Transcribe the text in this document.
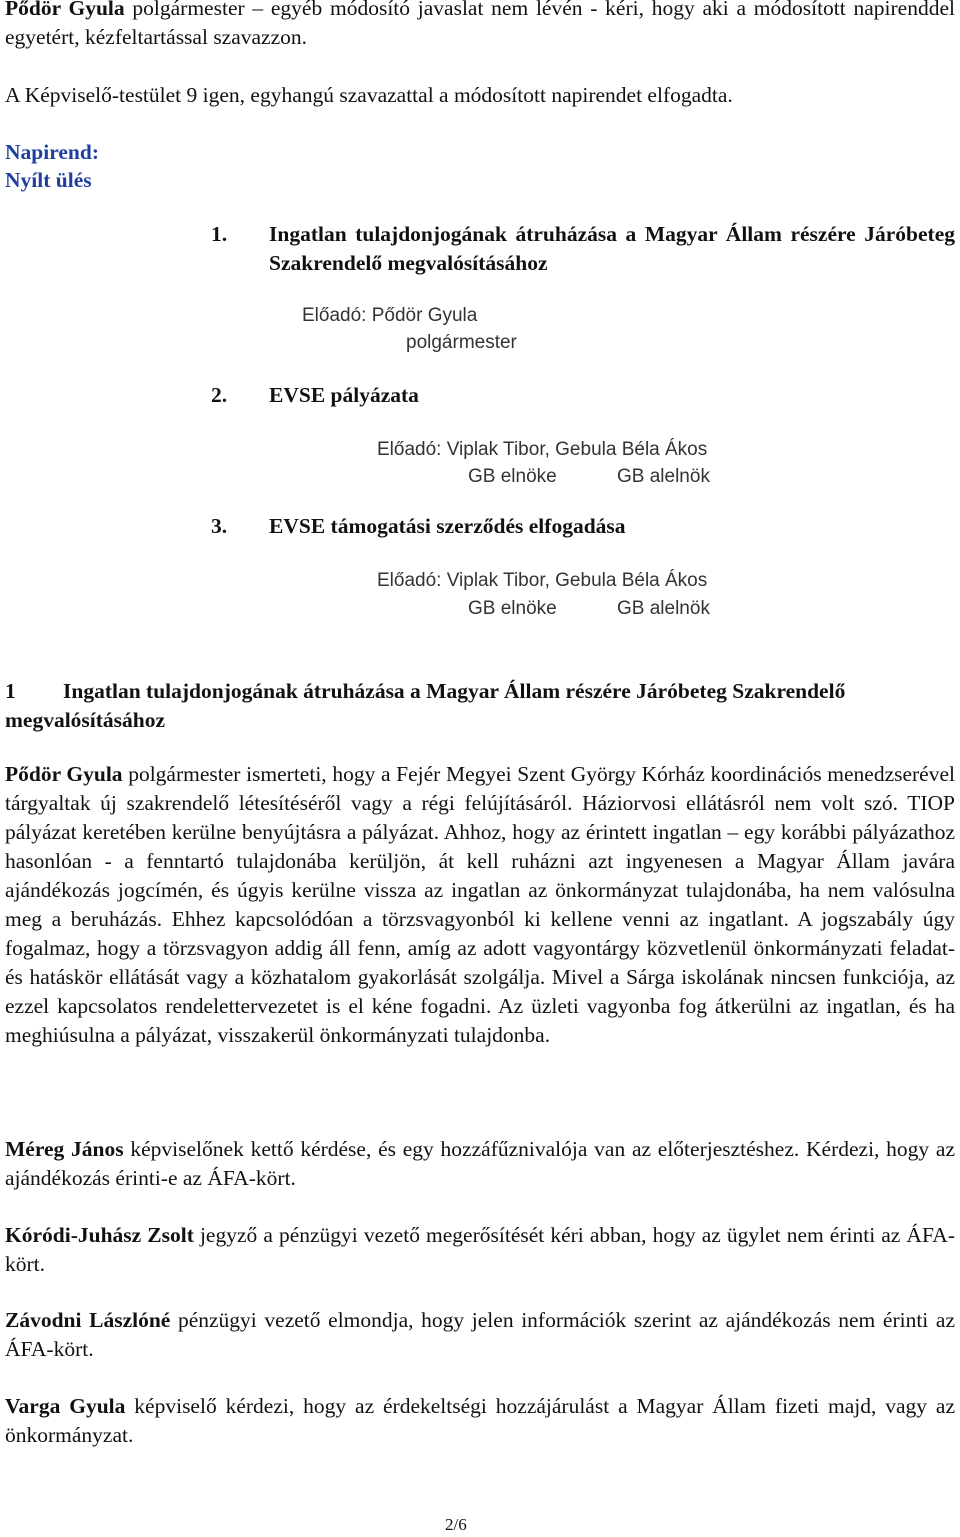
Pődör Gyula polgármester – egyéb módosító javaslat nem lévén - kéri, hogy aki a módosított napirenddel egyetért, kézfeltartással szavazzon.
A Képviselő-testület 9 igen, egyhangú szavazattal a módosított napirendet elfogadta.
Napirend:
Nyílt ülés
1. Ingatlan tulajdonjogának átruházása a Magyar Állam részére Járóbeteg Szakrendelő megvalósításához
Előadó: Pődör Gyula
polgármester
2. EVSE pályázata
Előadó: Viplak Tibor, Gebula Béla Ákos
GB elnöke	GB alelnök
3. EVSE támogatási szerződés elfogadása
Előadó: Viplak Tibor, Gebula Béla Ákos
GB elnöke	GB alelnök
1	Ingatlan tulajdonjogának átruházása a Magyar Állam részére Járóbeteg Szakrendelő megvalósításához
Pődör Gyula polgármester ismerteti, hogy a Fejér Megyei Szent György Kórház koordinációs menedzserével tárgyaltak új szakrendelő létesítéséről vagy a régi felújításáról. Háziorvosi ellátásról nem volt szó. TIOP pályázat keretében kerülne benyújtásra a pályázat. Ahhoz, hogy az érintett ingatlan – egy korábbi pályázathoz hasonlóan - a fenntartó tulajdonába kerüljön, át kell ruházni azt ingyenesen a Magyar Állam javára ajándékozás jogcímén, és úgyis kerülne vissza az ingatlan az önkormányzat tulajdonába, ha nem valósulna meg a beruházás. Ehhez kapcsolódóan a törzsvagyonból ki kellene venni az ingatlant. A jogszabály úgy fogalmaz, hogy a törzsvagyon addig áll fenn, amíg az adott vagyontárgy közvetlenül önkormányzati feladat- és hatáskör ellátását vagy a közhatalom gyakorlását szolgálja. Mivel a Sárga iskolának nincsen funkciója, az ezzel kapcsolatos rendelettervezetet is el kéne fogadni. Az üzleti vagyonba fog átkerülni az ingatlan, és ha meghiúsulna a pályázat, visszakerül önkormányzati tulajdonba.
Méreg János képviselőnek kettő kérdése, és egy hozzáfűznivalója van az előterjesztéshez. Kérdezi, hogy az ajándékozás érinti-e az ÁFA-kört.
Kóródi-Juhász Zsolt jegyző a pénzügyi vezető megerősítését kéri abban, hogy az ügylet nem érinti az ÁFA-kört.
Závodni Lászlóné pénzügyi vezető elmondja, hogy jelen információk szerint az ajándékozás nem érinti az ÁFA-kört.
Varga Gyula képviselő kérdezi, hogy az érdekeltségi hozzájárulást a Magyar Állam fizeti majd, vagy az önkormányzat.
2/6
